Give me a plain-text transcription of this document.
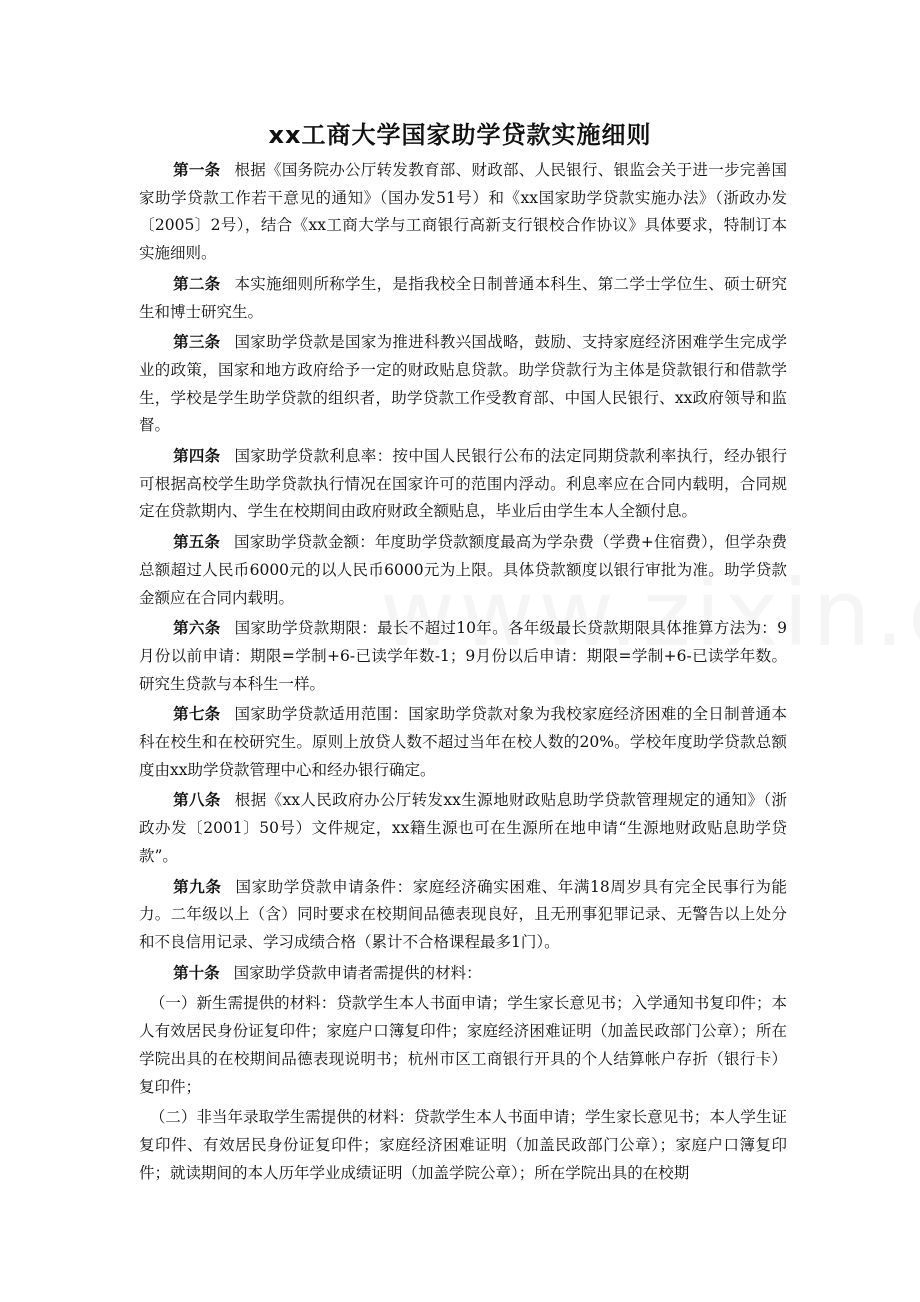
xx工商大学国家助学贷款实施细则

第一条 根据《国务院办公厅转发教育部、财政部、人民银行、银监会关于进一步完善国家助学贷款工作若干意见的通知》（国办发51号）和《xx国家助学贷款实施办法》（浙政办发〔2005〕2号），结合《xx工商大学与工商银行高新支行银校合作协议》具体要求，特制订本实施细则。

第二条 本实施细则所称学生，是指我校全日制普通本科生、第二学士学位生、硕士研究生和博士研究生。

第三条 国家助学贷款是国家为推进科教兴国战略，鼓励、支持家庭经济困难学生完成学业的政策，国家和地方政府给予一定的财政贴息贷款。助学贷款行为主体是贷款银行和借款学生，学校是学生助学贷款的组织者，助学贷款工作受教育部、中国人民银行、xx政府领导和监督。

第四条 国家助学贷款利息率：按中国人民银行公布的法定同期贷款利率执行，经办银行可根据高校学生助学贷款执行情况在国家许可的范围内浮动。利息率应在合同内载明，合同规定在贷款期内、学生在校期间由政府财政全额贴息，毕业后由学生本人全额付息。

第五条 国家助学贷款金额：年度助学贷款额度最高为学杂费（学费+住宿费），但学杂费总额超过人民币6000元的以人民币6000元为上限。具体贷款额度以银行审批为准。助学贷款金额应在合同内载明。

第六条 国家助学贷款期限：最长不超过10年。各年级最长贷款期限具体推算方法为：9月份以前申请：期限=学制+6-已读学年数-1；9月份以后申请：期限=学制+6-已读学年数。研究生贷款与本科生一样。

第七条 国家助学贷款适用范围：国家助学贷款对象为我校家庭经济困难的全日制普通本科在校生和在校研究生。原则上放贷人数不超过当年在校人数的20%。学校年度助学贷款总额度由xx助学贷款管理中心和经办银行确定。

第八条 根据《xx人民政府办公厅转发xx生源地财政贴息助学贷款管理规定的通知》（浙政办发〔2001〕50号）文件规定，xx籍生源也可在生源所在地申请“生源地财政贴息助学贷款”。

第九条 国家助学贷款申请条件：家庭经济确实困难、年满18周岁具有完全民事行为能力。二年级以上（含）同时要求在校期间品德表现良好，且无刑事犯罪记录、无警告以上处分和不良信用记录、学习成绩合格（累计不合格课程最多1门）。

第十条 国家助学贷款申请者需提供的材料：

（一）新生需提供的材料：贷款学生本人书面申请；学生家长意见书；入学通知书复印件；本人有效居民身份证复印件；家庭户口簿复印件；家庭经济困难证明（加盖民政部门公章）；所在学院出具的在校期间品德表现说明书；杭州市区工商银行开具的个人结算帐户存折（银行卡）复印件；

（二）非当年录取学生需提供的材料：贷款学生本人书面申请；学生家长意见书；本人学生证复印件、有效居民身份证复印件；家庭经济困难证明（加盖民政部门公章）；家庭户口簿复印件；就读期间的本人历年学业成绩证明（加盖学院公章）；所在学院出具的在校期
